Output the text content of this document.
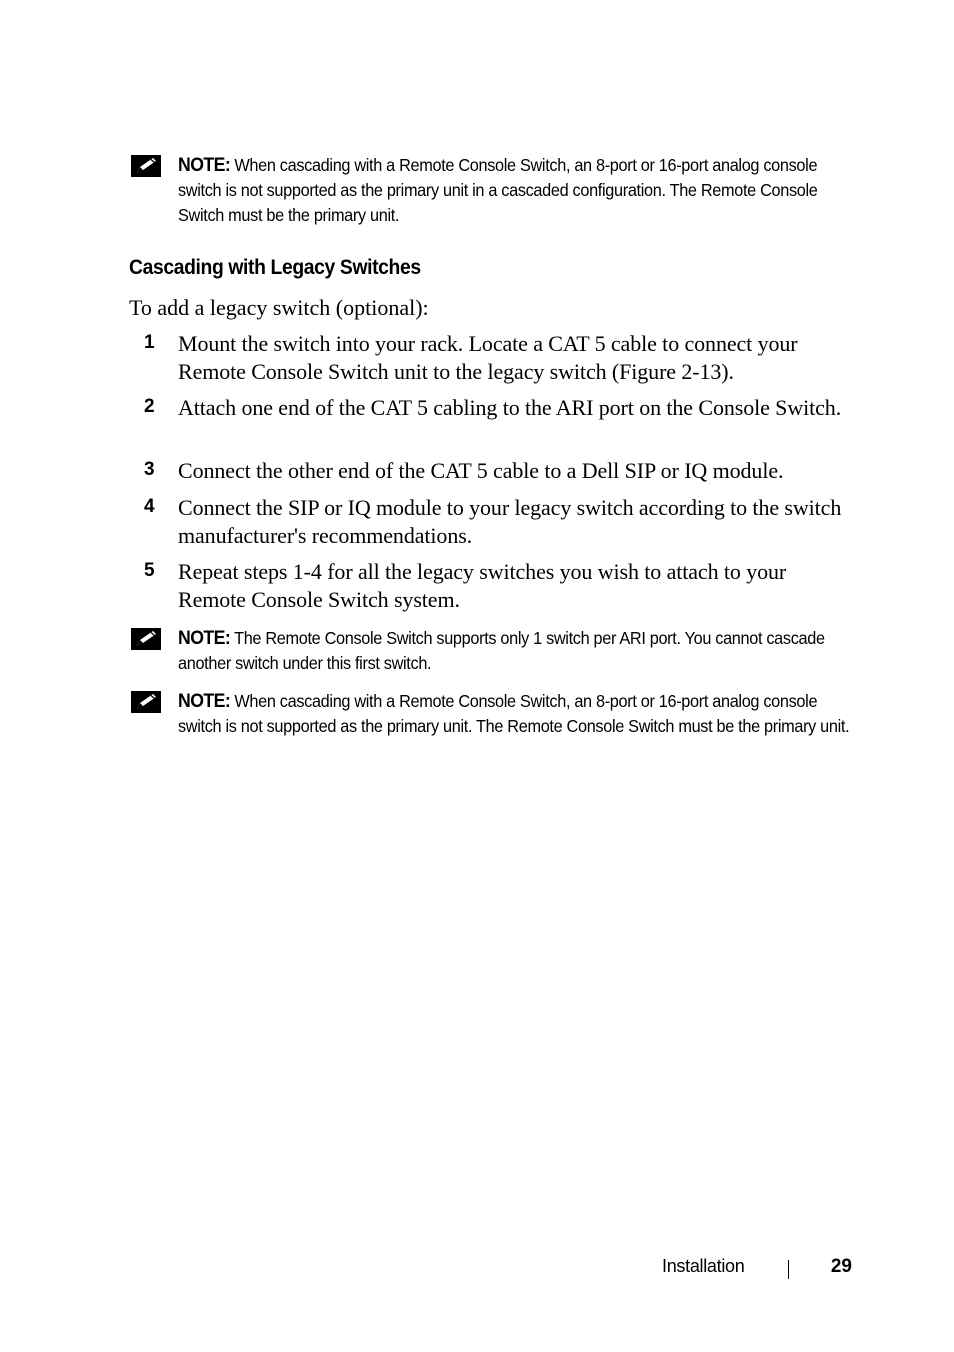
NOTE: When cascading with a Remote Console Switch, an 8-port or 16-port analog console switch is not supported as the primary unit in a cascaded configuration. The Remote Console Switch must be the primary unit.
Cascading with Legacy Switches
To add a legacy switch (optional):
1 Mount the switch into your rack. Locate a CAT 5 cable to connect your Remote Console Switch unit to the legacy switch (Figure 2-13).
2 Attach one end of the CAT 5 cabling to the ARI port on the Console Switch.
3 Connect the other end of the CAT 5 cable to a Dell SIP or IQ module.
4 Connect the SIP or IQ module to your legacy switch according to the switch manufacturer's recommendations.
5 Repeat steps 1-4 for all the legacy switches you wish to attach to your Remote Console Switch system.
NOTE: The Remote Console Switch supports only 1 switch per ARI port. You cannot cascade another switch under this first switch.
NOTE: When cascading with a Remote Console Switch, an 8-port or 16-port analog console switch is not supported as the primary unit. The Remote Console Switch must be the primary unit.
Installation	29
